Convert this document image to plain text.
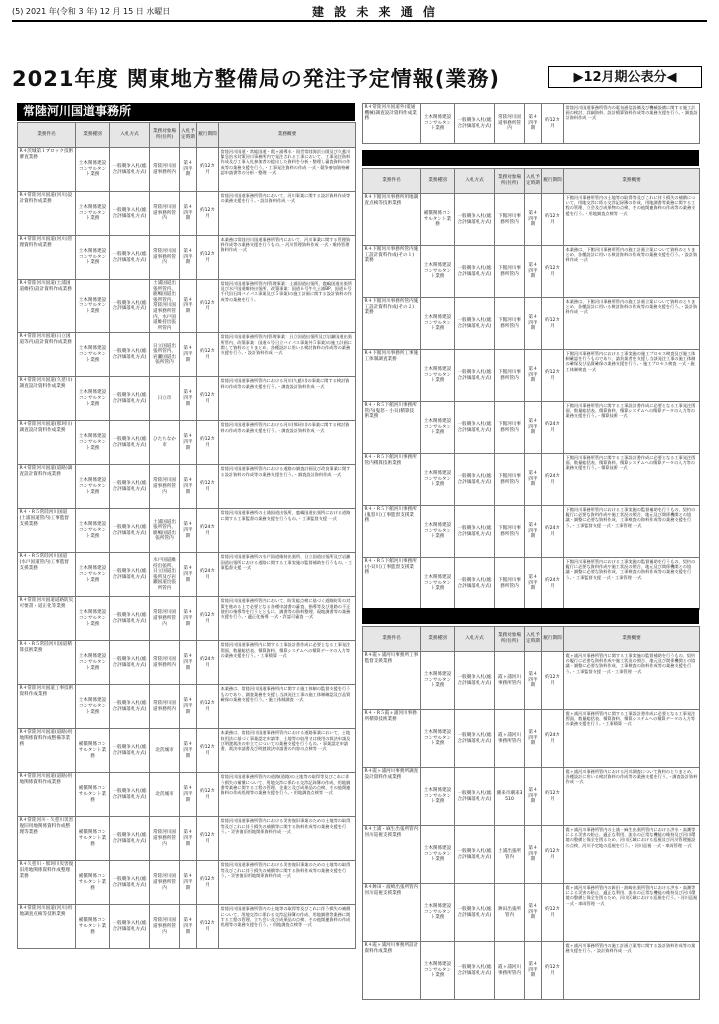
(5) 2021 年(令和 3 年) 12 月 15 日 水曜日	建 設 未 来 通 信
2021年度 関東地方整備局の発注予定情報(業務)	▶12月期公表分◀
常陸河川国道事務所
業務件名	業務種別	入札方式	業務対象場所(住所)	入札予定時期	履行期間	業務概要
R４茨城第１ブロック技術審査業務	土木関係建設コンサルタント業務	一般競争入札(総合評価落札方式)	常陸河川国道事務所内	第４四半期	約12カ月	常陸河川国道・常総国道・霞ヶ浦導水・国営常陸海浜公園及び久慈川緊急治水対策河川事務所内で発注される工事において、工事発注資料作成及び工事入札参加者の提出した資料を分析・整理し審査資料の作成等の業務支援を行う。・工事発注資料の作成 一式・競争参加資格確認申請書等の分析・整理 一式
R４常陸河川国道(河川)設計資料作成業務	土木関係建設コンサルタント業務	一般競争入札(総合評価落札方式)	常陸河川国道事務所管内	第４四半期	約12カ月	常陸河川国道事務所管内において、河川事業に関する設計資料作成等の業務支援を行う。・設計資料作成 一式
R４常陸河川国道(河川)管理資料作成業務	土木関係建設コンサルタント業務	一般競争入札(総合評価落札方式)	常陸河川国道事務所管内	第４四半期	約12カ月	本業務は常陸河川国道事務所管内において、河川事業に関する管理資料作成等の業務支援を行うもの。・河川管理資料作成 一式・維持管理資料作成 一式
R４常陸河川国道(土浦国道維持)設計資料作成業務	土木関係建設コンサルタント業務	一般競争入札(総合評価落札方式)	土浦国道出張所管内、鹿嶋国道出張所管内、常陸河川国道事務所管内、水戸国道維持出張所管内	第４四半期	約12カ月	常陸河川国道事務所管内(管理事業：土浦国道出張所、鹿嶋国道出張所及び水戸国道維持出張所、改築事業：国道６号牛久土浦BP、国道６号千代田石岡バイパス事業及び５事業)の施工計画に関する設計資料の作成等の業務を行う。
R４常陸河川国道(日立国道等内)設計資料作成業務	土木関係建設コンサルタント業務	一般競争入札(総合評価落札方式)	日立国道出張所管内、岩瀬国道出張所管内	第４四半期	約12カ月	常陸河川国道事務所管内(管理事業：日立国道出張所及び岩瀬国道出張所管内、改築事業：国道６号日立バイパス事業外５事業)の施工計画に関して資料のとりまとめ、各種設計に用いる検討資料の作成等の業務支援を行う。・設計資料作成 一式
R４常陸河川国道(久慈川)調査設計資料作成業務	土木関係建設コンサルタント業務	一般競争入札(総合評価落札方式)	日立市	第４四半期	約12カ月	常陸河川国道事務所管内における河川(久慈川)の事業に関する検討資料の作成等の業務支援を行う。・調査設計資料作成 一式
R４常陸河川国道(那珂川)調査設計資料作成業務	土木関係建設コンサルタント業務	一般競争入札(総合評価落札方式)	ひたちなか市	第４四半期	約12カ月	常陸河川国道事務所管内における河川(那珂川)の事業に関する検討資料の作成等の業務支援を行う。・調査設計資料作成 一式
R４常陸河川国道(道路)調査設計資料作成業務	土木関係建設コンサルタント業務	一般競争入札(総合評価落札方式)	常陸河川国道事務所管内	第４四半期	約12カ月	常陸河川国道事務所管内における道路の調査計画及び改良事業に関する設計資料の作成等の業務支援を行う。・調査設計資料作成 一式
R４・R５常陸河川国道(土浦国道管内)工事監督支援業務	土木関係建設コンサルタント業務	一般競争入札(総合評価落札方式)	土浦国道出張所管内、鹿嶋国道出張所管内	第４四半期	約24カ月	常陸河川国道事務所の土浦国道出張所、鹿嶋国道出張所における道路に関する工事監督の業務支援を行うもの。・工事監督支援 一式
R４・R５常陸河川国道(水戸国道管内)工事監督支援業務	土木関係建設コンサルタント業務	一般競争入札(総合評価落札方式)	水戸国道維持出張所、日立国道出張所及び岩瀬国道出張所管内	第４四半期	約24カ月	常陸河川国道事務所の水戸国道維持出張所、日立国道出張所及び岩瀬国道出張所における道路に関する工事実施の監督補助を行うもの。・工事監督支援 一式
R４常陸河川国道道路防災可要書・道正化等業務	土木関係建設コンサルタント業務	一般競争入札(総合評価落札方式)	常陸河川国道事務所管内	第４四半期	約12カ月	常陸河川国道事務所管内において、防災総点検に基づく道路防災の対策を進める上で必要となる各種申請書の審査、指導等及び道路の不正使用の指導等を行うとともに、調書等の資料整理、現地調書等の業務支援を行う。・適正化指導 一式・許認可審査 一式
R４・R５常陸河川国道積算技術業務	土木関係建設コンサルタント業務	一般競争入札(総合評価落札方式)	常陸河川国道事務所内	第４四半期	約24カ月	常陸河川国道事務所内に関する工事設計書作成に必要となる工事発注図面、数量総括表、積算資料、積算システムへの積算データの入力等の業務支援を行う。・工事積算 一式
R４常陸河川国道工事技術資料作成業務	土木関係建設コンサルタント業務	一般競争入札(総合評価落札方式)	常陸河川国道事務所内	第４四半期	約12カ月	本業務は、常陸河川国道事務所内に関する施工体制の監督支援を行うものであり、調査業務を支援し当該発注工事の施工体制確認及び品質確保の業務支援を行う。・施工体制調査 一式
R４常陸河川国道(道路)用地関係資料作成整備等業務	補償関係コンサルタント業務	一般競争入札(総合評価落札方式)	北茨城市	第４四半期	約12カ月	本業務は、常陸河川国道事務所管内における道路事業において、土地収用法に基づく事業認定申請等、土地等の収用又は使用の裁決申請及び明渡裁決の申立てについての業務支援を行うもの。・事業認定申請書、裁決申請書及び明渡裁決申請書の内容の点検等 一式
R４常陸河川国道(道路)用地関係資料作成業務	補償関係コンサルタント業務	一般競争入札(総合評価落札方式)	北茨城市	第４四半期	約12カ月	常陸河川国道事務所管内の道路(道路)の土地等の取得等及びこれに伴う損失の補償について、用地交渉に係わる交渉記録簿の作成、用地調書等業務に関する工程の管理、企業と及び成果品の点検、その他関連資料の作成処理等の業務支援を行う。・用地調査点検等 一式
R４常陸河川・久慈川災害復旧用地関係資料作成整理等業務	補償関係コンサルタント業務	一般競争入札(総合評価落札方式)	常陸河川国道事務所管内	第４四半期	約12カ月	常陸河川国道事務所管内における災害復旧事業のための土地等の取得等及びこれに伴う損失の補償等に関する資料作成等の業務支援を行う。・災害復旧用地関係資料作成 一式
R４久慈川・那珂川災害復旧用地関係資料作成整理業務	補償関係コンサルタント業務	一般競争入札(総合評価落札方式)	常陸河川国道事務所管内	第４四半期	約12カ月	常陸河川国道事務所管内における災害復旧事業のための土地等の取得等及びこれに伴う損失の補償等に関する資料作成等の業務支援を行う。・災害復旧用地関係資料作成 一式
R４常陸河川国道(河川)用地調査点検等技術業務	補償関係コンサルタント業務	一般競争入札(総合評価落札方式)	常陸河川国道事務所管内	第４四半期	約12カ月	常陸河川国道事務所管内の土地等の取得等及びこれに伴う損失の補償について、用地交渉に係わる交渉記録簿の作成、用地調書等業務に関する工程の管理、立ち会い及び成果品の点検、その他関連資料の作成処理等の業務支援を行う。・用地調査点検等 一式
R４常陸河川国道外(電通機械)調査設計資料作成業務	土木関係建設コンサルタント業務	一般競争入札(総合評価落札方式)	常陸河川国道事務所管内	第４四半期	約12カ月	常陸河川国道事務所管内の電気通信設備及び機械設備に関する施工計画の検討、詳細資料、設計積算資料作成等の業務支援を行う。・調査設計資料作成 一式
業務件名	業務種別	入札方式	業務対象場所(住所)	入札予定時期	履行期間	業務概要
R４下館河川事務所用地調査点検等技術業務	補償関係コンサルタント業務	一般競争入札(総合評価落札方式)	下館河川事務所管内	第４四半期	約12カ月	下館河川事務所管内の土地等の取得等及びこれに伴う損失の補償について、用地交渉に係る交渉記録簿の作成、用地調書等業務に関する工程の管理、立会及び成果物の点検、その他関連資料の作成等の業務支援を行う。・用地調査点検等 一式
R４下館河川事務所管内施工設計資料作成(その１)業務	土木関係建設コンサルタント業務	一般競争入札(総合評価落札方式)	下館河川事務所管内	第４四半期	約12カ月	本業務は、下館河川事務所管内の施工計画立案について資料のとりまとめ、各種設計に用いる検討資料の作成等の業務支援を行う。・設計資料作成 一式
R４下館河川事務所管内施工設計資料作成(その２)業務	土木関係建設コンサルタント業務	一般競争入札(総合評価落札方式)	下館河川事務所管内	第４四半期	約12カ月	本業務は、下館河川事務所管内の施工計画立案について資料のとりまとめ、各種設計に用いる検討資料の作成等の業務支援を行う。・設計資料作成 一式
R４下館河川事務所工事施工体制調査業務	土木関係建設コンサルタント業務	一般競争入札(総合評価落札方式)	下館河川事務所管内	第４四半期	約12カ月	下館河川事務所管内における工事実施の施工プロセス検査及び施工体制確認を行うものであり、請負業者を支援し当該発注工事の施工体制の確保及び品質確保の業務支援を行う。・施工プロセス検査 一式・施工体制検査 一式
R４・R５下館河川事務所管内(鬼怒・小貝)積算技術業務	土木関係建設コンサルタント業務	一般競争入札(総合評価落札方式)	下館河川事務所管内	第４四半期	約24カ月	下館河川事務所管内に関する工事設計書作成に必要となる工事発注図面、数量総括表、積算資料、積算システムへの積算データの入力等の業務支援を行う。・積算技術 一式
R４・R５下館河川事務所管内積算技術業務	土木関係建設コンサルタント業務	一般競争入札(総合評価落札方式)	下館河川事務所管内	第４四半期	約24カ月	下館河川事務所管内に関する工事設計書作成に必要となる工事発注図面、数量総括表、積算資料、積算システムへの積算データの入力等の業務支援を行う。・積算技術 一式
R４・R５下館河川事務所(鬼怒川)工事監督支援業務	土木関係建設コンサルタント業務	一般競争入札(総合評価落札方式)	下館河川事務所管内	第４四半期	約24カ月	下館河川事務所管内における工事実施の監督補助を行うもの、契約の履行に必要な資料作成や施工状況の照合、地元及び関係機関との協議・調整に必要な資料作成、工事検査の資料作成等の業務支援を行う。・工事監督支援 一式・工事管理 一式
R４・R５下館河川事務所(小貝川)工事監督支援業務	土木関係建設コンサルタント業務	一般競争入札(総合評価落札方式)	下館河川事務所管内	第４四半期	約24カ月	下館河川事務所管内における工事実施の監督補助を行うもの、契約の履行に必要な資料作成や施工状況の照合、地元及び関係機関との協議・調整に必要な資料作成、工事検査の資料作成等の業務支援を行う。・工事監督支援 一式・工事管理 一式
業務件名	業務種別	入札方式	業務対象場所(住所)	入札予定時期	履行期間	業務概要
R４霞ヶ浦河川事務所工事監督支援業務	土木関係建設コンサルタント業務	一般競争入札(総合評価落札方式)	霞ヶ浦河川事務所管内	第４四半期	約12カ月	霞ヶ浦河川事務所管内に関する工事実施の監督補助を行うもの、契約の履行に必要な資料作成や施工状況の照合、地元及び関係機関との協議・調整に必要な資料作成、工事検査の資料作成等の業務支援を行う。・工事監督支援 一式・工事管理 一式
R４・R５霞ヶ浦河川事務所積算技術業務	土木関係建設コンサルタント業務	一般競争入札(総合評価落札方式)	霞ヶ浦河川事務所管内	第４四半期	約24カ月	霞ヶ浦河川事務所管内に関する工事設計書作成に必要となる工事発注図面、数量総括表、積算資料、積算システムへの積算データの入力等の業務支援を行う。・工事積算 一式
R４霞ヶ浦河川事務所調査設計資料作成業務	土木関係建設コンサルタント業務	一般競争入札(総合評価落札方式)	潮来市潮来3510	第４四半期	約12カ月	霞ヶ浦河川事務所管内における河川調査について資料のとりまとめ、各種設計に用いる検討資料の作成等の業務支援を行う。・調査設計資料作成 一式
R４土浦・麻生出張所管内河川巡視支援業務	土木関係建設コンサルタント業務	一般競争入札(総合評価落札方式)	土浦出張所管内	第４四半期	約12カ月	霞ヶ浦河川事務所管内の土浦・麻生出張所管内における洪水・高潮等による災害の防止、適正な利用、流水の正常な機能の維持及び河川環境の整備と保全を図るため、河川区域における巡視及び河川管理施設の点検、河川予定地の巡視を行う。・河川巡視 一式・車両管理 一式
R４鉾田・波崎出張所管内河川巡視支援業務	土木関係建設コンサルタント業務	一般競争入札(総合評価落札方式)	鉾田出張所管内	第４四半期	約12カ月	霞ヶ浦河川事務所管内の鉾田・波崎出張所管内における洪水・高潮等による災害の防止、適正な利用、流水の正常な機能の維持及び河川環境の整備と保全を図るため、河川区域における巡視を行う。・河川巡視 一式・車両管理 一式
R４霞ヶ浦河川事務所設計資料作成業務	土木関係建設コンサルタント業務	一般競争入札(総合評価落札方式)	霞ヶ浦河川事務所管内	第４四半期	約12カ月	霞ヶ浦河川事務所管内の施工計画立案等に関する設計資料作成等の業務支援を行う。・設計資料作成 一式
